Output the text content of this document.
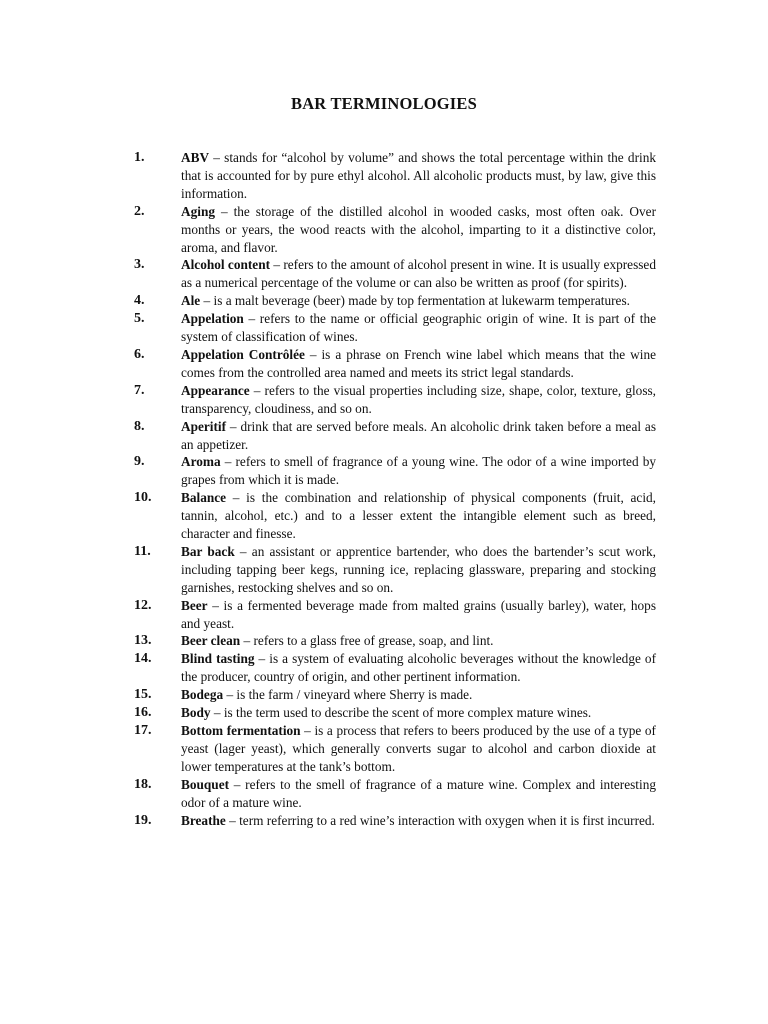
BAR TERMINOLOGIES
1.	ABV – stands for “alcohol by volume” and shows the total percentage within the drink that is accounted for by pure ethyl alcohol. All alcoholic products must, by law, give this information.
2.	Aging – the storage of the distilled alcohol in wooded casks, most often oak. Over months or years, the wood reacts with the alcohol, imparting to it a distinctive color, aroma, and flavor.
3.	Alcohol content – refers to the amount of alcohol present in wine. It is usually expressed as a numerical percentage of the volume or can also be written as proof (for spirits).
4.	Ale – is a malt beverage (beer) made by top fermentation at lukewarm temperatures.
5.	Appelation – refers to the name or official geographic origin of wine. It is part of the system of classification of wines.
6.	Appelation Contrôlée – is a phrase on French wine label which means that the wine comes from the controlled area named and meets its strict legal standards.
7.	Appearance – refers to the visual properties including size, shape, color, texture, gloss, transparency, cloudiness, and so on.
8.	Aperitif – drink that are served before meals. An alcoholic drink taken before a meal as an appetizer.
9.	Aroma – refers to smell of fragrance of a young wine. The odor of a wine imported by grapes from which it is made.
10.	Balance – is the combination and relationship of physical components (fruit, acid, tannin, alcohol, etc.) and to a lesser extent the intangible element such as breed, character and finesse.
11.	Bar back – an assistant or apprentice bartender, who does the bartender’s scut work, including tapping beer kegs, running ice, replacing glassware, preparing and stocking garnishes, restocking shelves and so on.
12.	Beer – is a fermented beverage made from malted grains (usually barley), water, hops and yeast.
13.	Beer clean – refers to a glass free of grease, soap, and lint.
14.	Blind tasting – is a system of evaluating alcoholic beverages without the knowledge of the producer, country of origin, and other pertinent information.
15.	Bodega – is the farm / vineyard where Sherry is made.
16.	Body – is the term used to describe the scent of more complex mature wines.
17.	Bottom fermentation – is a process that refers to beers produced by the use of a type of yeast (lager yeast), which generally converts sugar to alcohol and carbon dioxide at lower temperatures at the tank’s bottom.
18.	Bouquet – refers to the smell of fragrance of a mature wine. Complex and interesting odor of a mature wine.
19.	Breathe – term referring to a red wine’s interaction with oxygen when it is first incurred.
